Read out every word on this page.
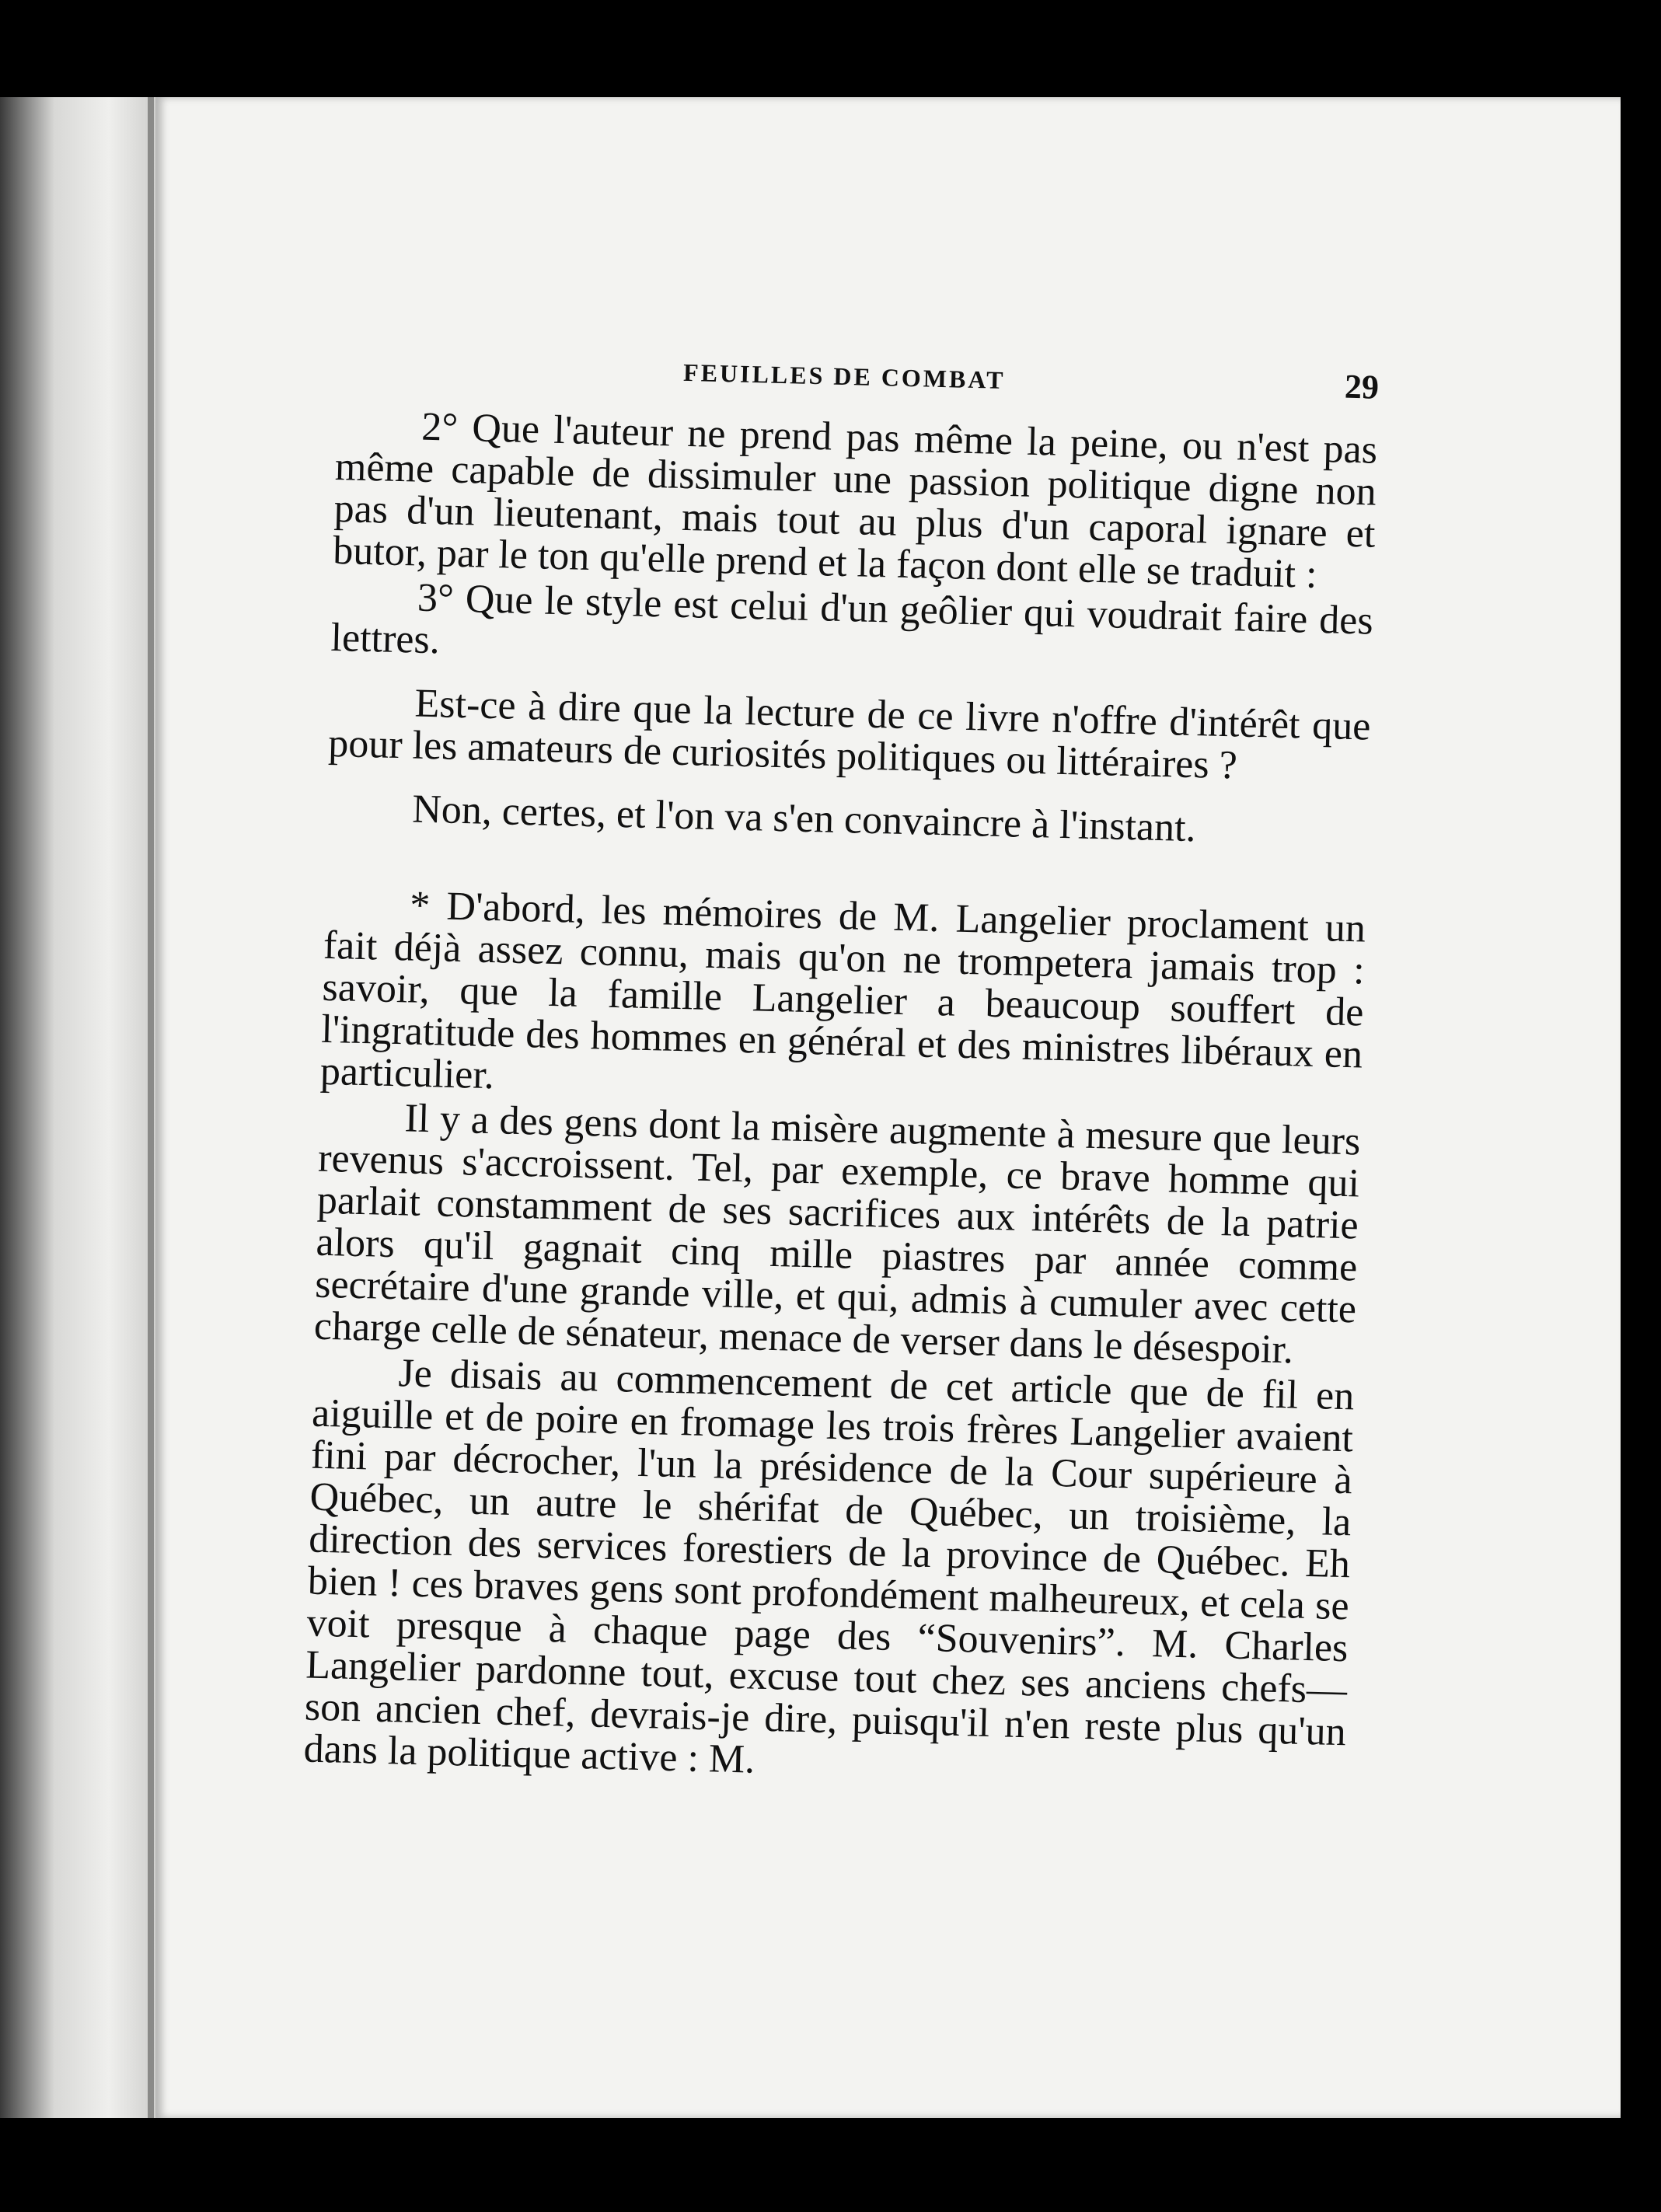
FEUILLES DE COMBAT	29

2° Que l'auteur ne prend pas même la peine, ou n'est pas même capable de dissimuler une passion politique digne non pas d'un lieutenant, mais tout au plus d'un caporal ignare et butor, par le ton qu'elle prend et la façon dont elle se traduit :

3° Que le style est celui d'un geôlier qui voudrait faire des lettres.

Est-ce à dire que la lecture de ce livre n'offre d'intérêt que pour les amateurs de curiosités politiques ou littéraires ?

Non, certes, et l'on va s'en convaincre à l'instant.

* D'abord, les mémoires de M. Langelier proclament un fait déjà assez connu, mais qu'on ne trompetera jamais trop : savoir, que la famille Langelier a beaucoup souffert de l'ingratitude des hommes en général et des ministres libéraux en particulier.

Il y a des gens dont la misère augmente à mesure que leurs revenus s'accroissent. Tel, par exemple, ce brave homme qui parlait constamment de ses sacrifices aux intérêts de la patrie alors qu'il gagnait cinq mille piastres par année comme secrétaire d'une grande ville, et qui, admis à cumuler avec cette charge celle de sénateur, menace de verser dans le désespoir.

Je disais au commencement de cet article que de fil en aiguille et de poire en fromage les trois frères Langelier avaient fini par décrocher, l'un la présidence de la Cour supérieure à Québec, un autre le shérifat de Québec, un troisième, la direction des services forestiers de la province de Québec. Eh bien ! ces braves gens sont profondément malheureux, et cela se voit presque à chaque page des “Souvenirs”. M. Charles Langelier pardonne tout, excuse tout chez ses anciens chefs—son ancien chef, devrais-je dire, puisqu'il n'en reste plus qu'un dans la politique active : M.
